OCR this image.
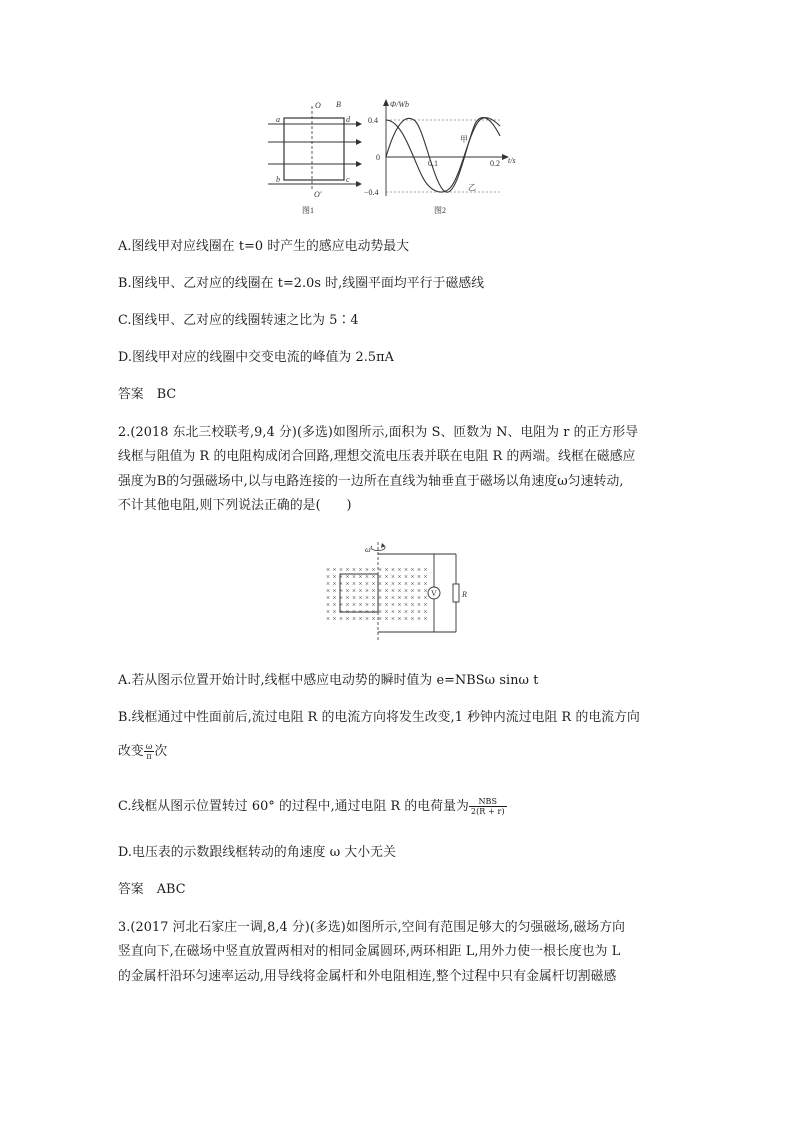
O B
a	d
b	c
O'
图1
Φ/Wb
t/s
0.4
0
−0.4
0.1	0.2
甲
乙
图2
A.图线甲对应线圈在 t=0 时产生的感应电动势最大
B.图线甲、乙对应的线圈在 t=2.0s 时,线圈平面均平行于磁感线
C.图线甲、乙对应的线圈转速之比为 5∶4
D.图线甲对应的线圈中交变电流的峰值为 2.5πA
答案　BC
2.(2018 东北三校联考,9,4 分)(多选)如图所示,面积为 S、匝数为 N、电阻为 r 的正方形导
线框与阻值为 R 的电阻构成闭合回路,理想交流电压表并联在电阻 R 的两端。线框在磁感应
强度为B的匀强磁场中,以与电路连接的一边所在直线为轴垂直于磁场以角速度ω匀速转动,
不计其他电阻,则下列说法正确的是(　　)
× × × × × × × × × × × × × × × ×
× × × × × × × × × × × × × × × ×
× × × × × × × × × × × × × × × ×
× × × × × × × × × × × × × × × ×
× × × × × × × × × × × × × × × ×
× × × × × × × × × × × × × × × ×
× × × × × × × × × × × × × × × ×
× × × × × × × × × × × × × × × ×
ω
V	R
A.若从图示位置开始计时,线框中感应电动势的瞬时值为 e=NBSω sinω t
B.线框通过中性面前后,流过电阻 R 的电流方向将发生改变,1 秒钟内流过电阻 R 的电流方向
改变 $\frac{\omega}{\pi}$ 次
C.线框从图示位置转过 60° 的过程中,通过电阻 R 的电荷量为 $\frac{\text{NBS}}{2(R + r)}$
D.电压表的示数跟线框转动的角速度 ω 大小无关
答案　ABC
3.(2017 河北石家庄一调,8,4 分)(多选)如图所示,空间有范围足够大的匀强磁场,磁场方向
竖直向下,在磁场中竖直放置两相对的相同金属圆环,两环相距 L,用外力使一根长度也为 L
的金属杆沿环匀速率运动,用导线将金属杆和外电阻相连,整个过程中只有金属杆切割磁感
